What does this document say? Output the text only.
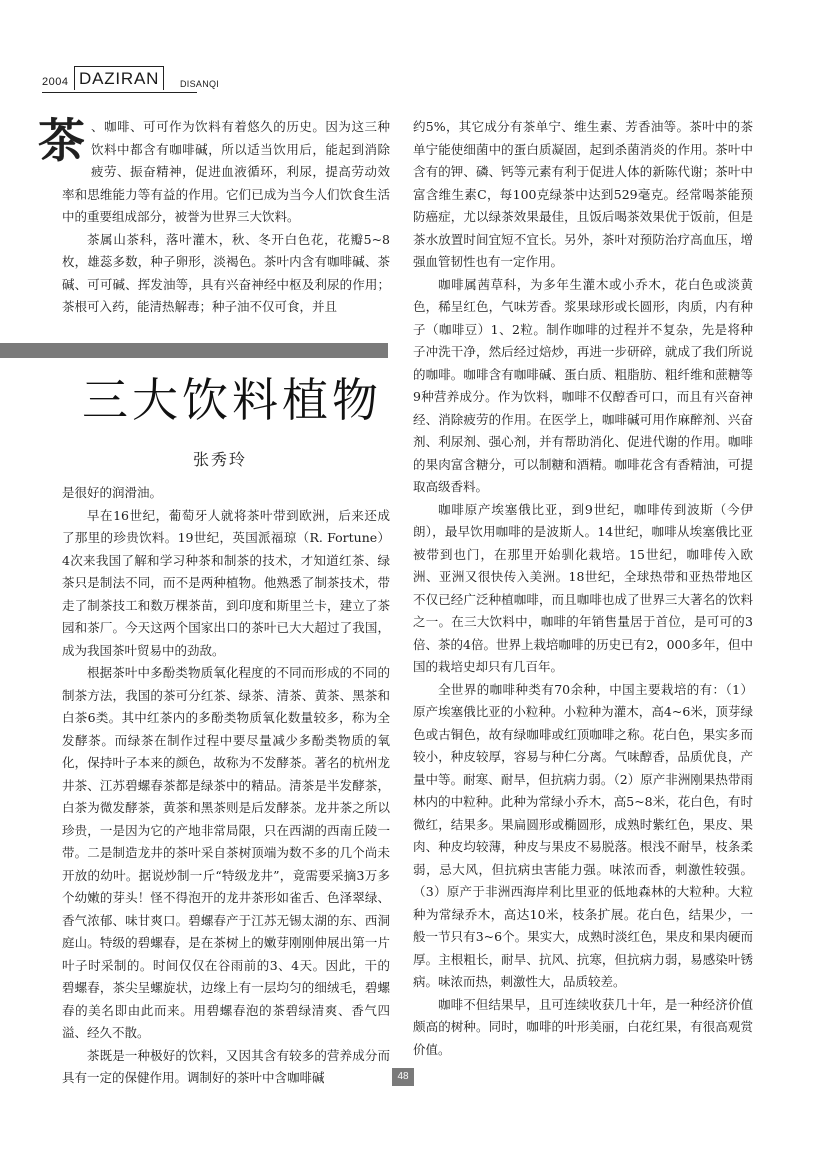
2004 DAZIRAN	DISANQI

茶 、咖啡、可可作为饮料有着悠久的历史。因为这三种饮料中都含有咖啡碱，所以适当饮用后，能起到消除疲劳、振奋精神，促进血液循环，利尿，提高劳动效率和思维能力等有益的作用。它们已成为当今人们饮食生活中的重要组成部分，被誉为世界三大饮料。

茶属山茶科，落叶灌木，秋、冬开白色花，花瓣5~8枚，雄蕊多数，种子卵形，淡褐色。茶叶内含有咖啡碱、茶碱、可可碱、挥发油等，具有兴奋神经中枢及利尿的作用；茶根可入药，能清热解毒；种子油不仅可食，并且

三大饮料植物
张秀玲

是很好的润滑油。

早在16世纪，葡萄牙人就将茶叶带到欧洲，后来还成了那里的珍贵饮料。19世纪，英国派福琼（R. Fortune）4次来我国了解和学习种茶和制茶的技术，才知道红茶、绿茶只是制法不同，而不是两种植物。他熟悉了制茶技术，带走了制茶技工和数万棵茶苗，到印度和斯里兰卡，建立了茶园和茶厂。今天这两个国家出口的茶叶已大大超过了我国，成为我国茶叶贸易中的劲敌。

根据茶叶中多酚类物质氧化程度的不同而形成的不同的制茶方法，我国的茶可分红茶、绿茶、清茶、黄茶、黑茶和白茶6类。其中红茶内的多酚类物质氧化数量较多，称为全发酵茶。而绿茶在制作过程中要尽量减少多酚类物质的氧化，保持叶子本来的颜色，故称为不发酵茶。著名的杭州龙井茶、江苏碧螺春茶都是绿茶中的精品。清茶是半发酵茶，白茶为微发酵茶，黄茶和黑茶则是后发酵茶。龙井茶之所以珍贵，一是因为它的产地非常局限，只在西湖的西南丘陵一带。二是制造龙井的茶叶采自茶树顶端为数不多的几个尚未开放的幼叶。据说炒制一斤“特级龙井”，竟需要采摘3万多个幼嫩的芽头！怪不得泡开的龙井茶形如雀舌、色泽翠绿、香气浓郁、味甘爽口。碧螺春产于江苏无锡太湖的东、西洞庭山。特级的碧螺春，是在茶树上的嫩芽刚刚伸展出第一片叶子时采制的。时间仅仅在谷雨前的3、4天。因此，干的碧螺春，茶尖呈螺旋状，边缘上有一层均匀的细绒毛，碧螺春的美名即由此而来。用碧螺春泡的茶碧绿清爽、香气四溢、经久不散。

茶既是一种极好的饮料，又因其含有较多的营养成分而具有一定的保健作用。调制好的茶叶中含咖啡碱

约5%，其它成分有茶单宁、维生素、芳香油等。茶叶中的茶单宁能使细菌中的蛋白质凝固，起到杀菌消炎的作用。茶叶中含有的钾、磷、钙等元素有利于促进人体的新陈代谢；茶叶中富含维生素C，每100克绿茶中达到529毫克。经常喝茶能预防癌症，尤以绿茶效果最佳，且饭后喝茶效果优于饭前，但是茶水放置时间宜短不宜长。另外，茶叶对预防治疗高血压，增强血管韧性也有一定作用。

咖啡属茜草科，为多年生灌木或小乔木，花白色或淡黄色，稀呈红色，气味芳香。浆果球形或长圆形，肉质，内有种子（咖啡豆）1、2粒。制作咖啡的过程并不复杂，先是将种子冲洗干净，然后经过焙炒，再进一步研碎，就成了我们所说的咖啡。咖啡含有咖啡碱、蛋白质、粗脂肪、粗纤维和蔗糖等9种营养成分。作为饮料，咖啡不仅醇香可口，而且有兴奋神经、消除疲劳的作用。在医学上，咖啡碱可用作麻醉剂、兴奋剂、利尿剂、强心剂，并有帮助消化、促进代谢的作用。咖啡的果肉富含糖分，可以制糖和酒精。咖啡花含有香精油，可提取高级香料。

咖啡原产埃塞俄比亚，到9世纪，咖啡传到波斯（今伊朗），最早饮用咖啡的是波斯人。14世纪，咖啡从埃塞俄比亚被带到也门，在那里开始驯化栽培。15世纪，咖啡传入欧洲、亚洲又很快传入美洲。18世纪，全球热带和亚热带地区不仅已经广泛种植咖啡，而且咖啡也成了世界三大著名的饮料之一。在三大饮料中，咖啡的年销售量居于首位，是可可的3倍、茶的4倍。世界上栽培咖啡的历史已有2，000多年，但中国的栽培史却只有几百年。

全世界的咖啡种类有70余种，中国主要栽培的有：（1）原产埃塞俄比亚的小粒种。小粒种为灌木，高4~6米，顶芽绿色或古铜色，故有绿咖啡或红顶咖啡之称。花白色，果实多而较小，种皮较厚，容易与种仁分离。气味醇香，品质优良，产量中等。耐寒、耐旱，但抗病力弱。（2）原产非洲刚果热带雨林内的中粒种。此种为常绿小乔木，高5~8米，花白色，有时微红，结果多。果扁圆形或椭圆形，成熟时紫红色，果皮、果肉、种皮均较薄，种皮与果皮不易脱落。根浅不耐旱，枝条柔弱，忌大风，但抗病虫害能力强。味浓而香，刺激性较强。（3）原产于非洲西海岸利比里亚的低地森林的大粒种。大粒种为常绿乔木，高达10米，枝条扩展。花白色，结果少，一般一节只有3~6个。果实大，成熟时淡红色，果皮和果肉硬而厚。主根粗长，耐旱、抗风、抗寒，但抗病力弱，易感染叶锈病。味浓而热，刺激性大，品质较差。

咖啡不但结果早，且可连续收获几十年，是一种经济价值颇高的树种。同时，咖啡的叶形美丽，白花红果，有很高观赏价值。

48
